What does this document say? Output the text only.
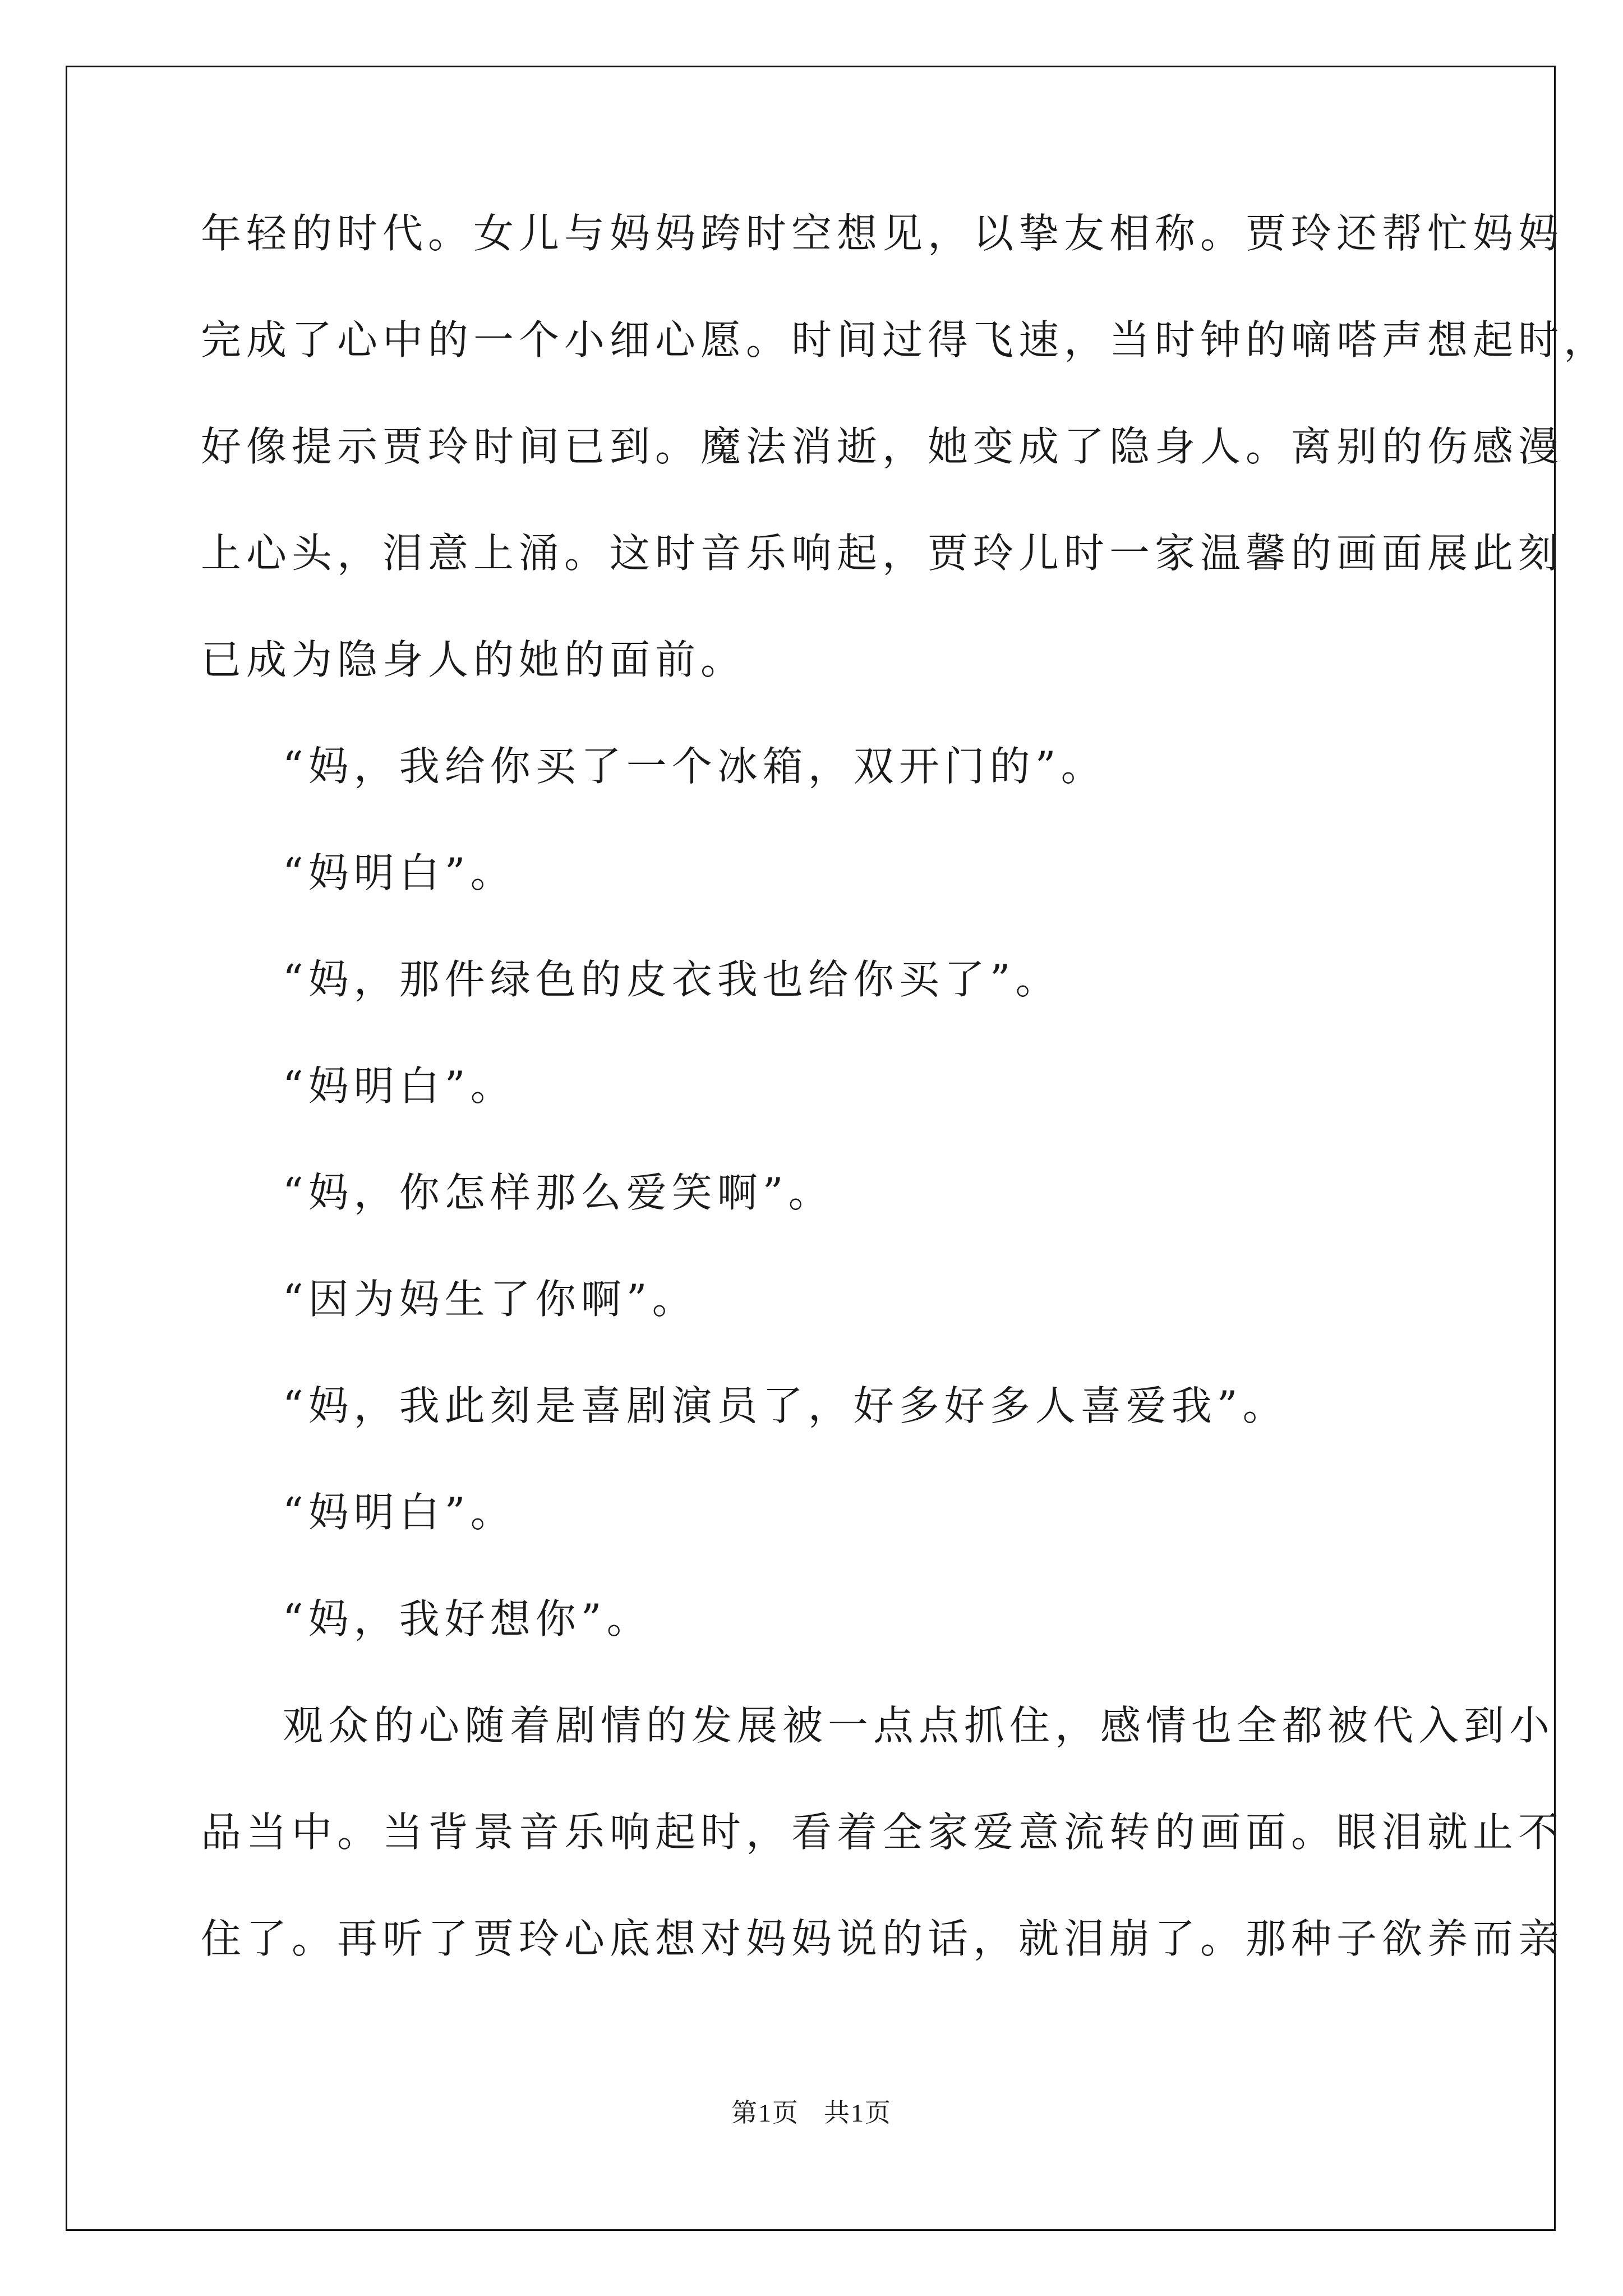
年轻的时代。女儿与妈妈跨时空想见，以挚友相称。贾玲还帮忙妈妈
完成了心中的一个小细心愿。时间过得飞速，当时钟的嘀嗒声想起时，
好像提示贾玲时间已到。魔法消逝，她变成了隐身人。离别的伤感漫
上心头，泪意上涌。这时音乐响起，贾玲儿时一家温馨的画面展此刻
已成为隐身人的她的面前。
“妈，我给你买了一个冰箱，双开门的”。
“妈明白”。
“妈，那件绿色的皮衣我也给你买了”。
“妈明白”。
“妈，你怎样那么爱笑啊”。
“因为妈生了你啊”。
“妈，我此刻是喜剧演员了，好多好多人喜爱我”。
“妈明白”。
“妈，我好想你”。
观众的心随着剧情的发展被一点点抓住，感情也全都被代入到小
品当中。当背景音乐响起时，看着全家爱意流转的画面。眼泪就止不
住了。再听了贾玲心底想对妈妈说的话，就泪崩了。那种子欲养而亲
第1页 共1页
